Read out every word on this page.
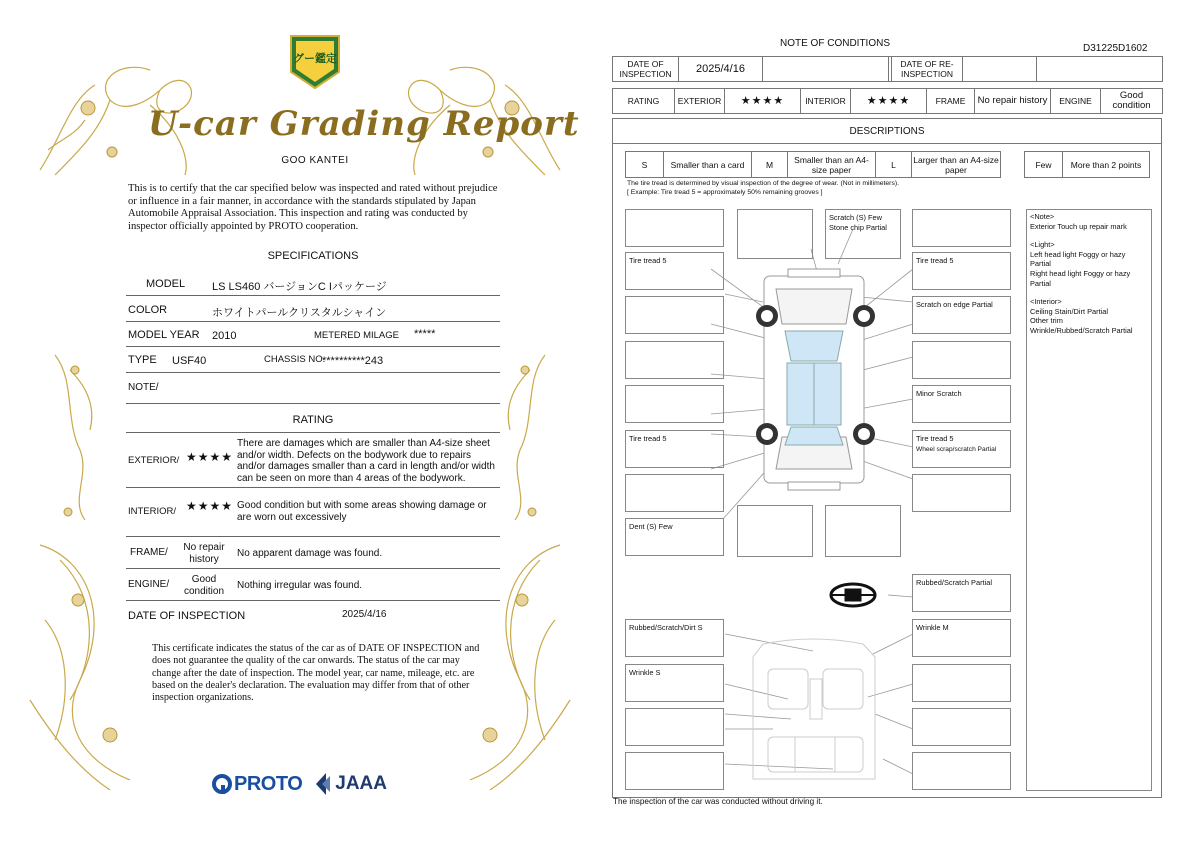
グー鑑定
U-car Grading Report
GOO KANTEI
This is to certify that the car specified below was inspected and rated without prejudice or influence in a fair manner, in accordance with the standards stipulated by Japan Automobile Appraisal Association. This inspection and rating was conducted by inspector officially appointed by PROTO cooperation.
SPECIFICATIONS
MODEL LS LS460 バージョンC Iパッケージ
COLOR	ホワイトパールクリスタルシャイン
MODEL YEAR 2010	METERED MILAGE *****
TYPE USF40	CHASSIS NO.
**********243
NOTE/
RATING
EXTERIOR/ ★★★★
There are damages which are smaller than A4-size sheet and/or width. Defects on the bodywork due to repairs and/or damages smaller than a card in length and/or width can be seen on more than 4 areas of the bodywork.
INTERIOR/ ★★★★ Good condition but with some areas showing damage or are worn out excessively
FRAME/	No repair history
No apparent damage was found.
ENGINE/	Good condition
Nothing irregular was found.
DATE OF INSPECTION	2025/4/16
This certificate indicates the status of the car as of DATE OF INSPECTION and does not guarantee the quality of the car onwards. The status of the car may change after the date of inspection. The model year, car name, mileage, etc. are based on the dealer's declaration. The evaluation may differ from that of other inspection organizations.
PROTO JAAA
NOTE OF CONDITIONS	D31225D1602
DATE OF INSPECTION	2025/4/16	DATE OF RE-INSPECTION
RATING	EXTERIOR	★★★★	INTERIOR	★★★★	FRAME	No repair history	ENGINE	Good condition
DESCRIPTIONS
S	Smaller than a card	M	Smaller than an A4-size paper	L	Larger than an A4-size paper	Few	More than 2 points
The tire tread is determined by visual inspection of the degree of wear. (Not in millimeters).
[ Example: Tire tread 5 = approximately 50% remaining grooves ]
Tire tread 5
Tire tread 5
Dent (S) Few
Scratch (S) Few
Stone chip Partial
Tire tread 5
Scratch on edge Partial
Minor Scratch
Tire tread 5
Wheel scrap/scratch Partial
Rubbed/Scratch Partial
Rubbed/Scratch/Dirt S
Wrinkle S
Wrinkle M

<Note>
Exterior Touch up repair mark

<Light>
Left head light Foggy or hazy Partial
Right head light Foggy or hazy Partial

<Interior>
Ceiling Stain/Dirt Partial
Other trim
Wrinkle/Rubbed/Scratch Partial

The inspection of the car was conducted without driving it.
